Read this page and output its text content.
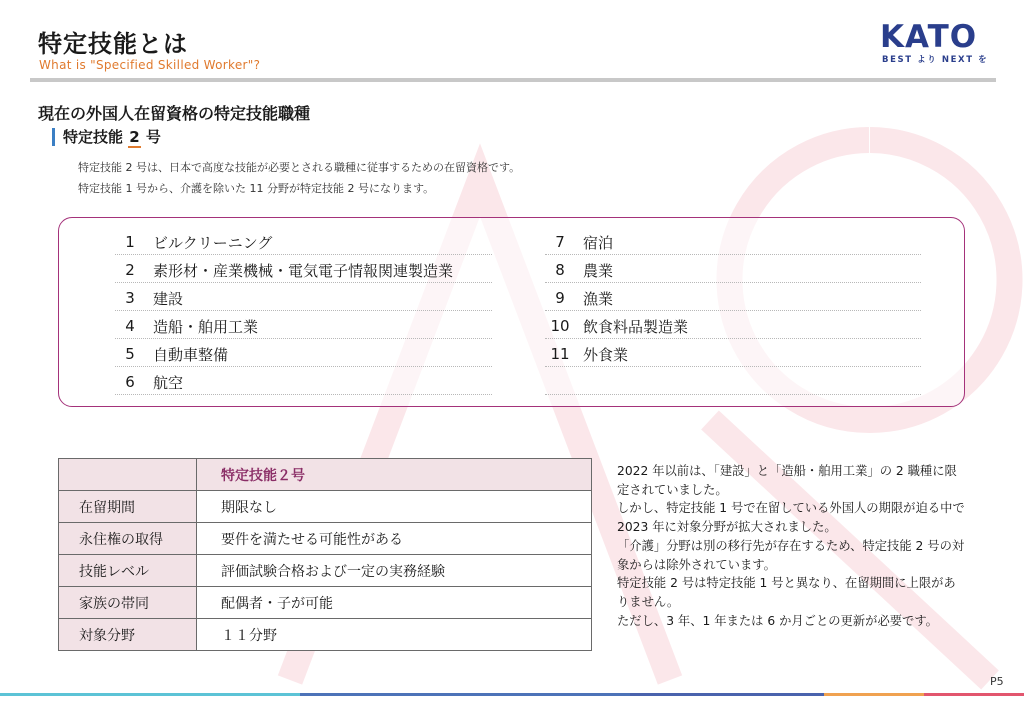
特定技能とは
What is "Specified Skilled Worker"?
KATO
BEST より NEXT を
現在の外国人在留資格の特定技能職種
特定技能 2 号
特定技能 2 号は、日本で高度な技能が必要とされる職種に従事するための在留資格です。
特定技能 1 号から、介護を除いた 11 分野が特定技能 2 号になります。
1	ビルクリーニング
2	素形材・産業機械・電気電子情報関連製造業
3	建設
4	造船・舶用工業
5	自動車整備
6	航空
7	宿泊
8	農業
9	漁業
10 飲食料品製造業
11 外食業
	特定技能２号
在留期間	期限なし
永住権の取得	要件を満たせる可能性がある
技能レベル	評価試験合格および一定の実務経験
家族の帯同	配偶者・子が可能
対象分野	１１分野
2022 年以前は、「建設」と「造船・舶用工業」の 2 職種に限定されていました。
しかし、特定技能 1 号で在留している外国人の期限が迫る中で 2023 年に対象分野が拡大されました。
「介護」分野は別の移行先が存在するため、特定技能 2 号の対象からは除外されています。
特定技能 2 号は特定技能 1 号と異なり、在留期間に上限がありません。
ただし、3 年、1 年または 6 か月ごとの更新が必要です。
P5
